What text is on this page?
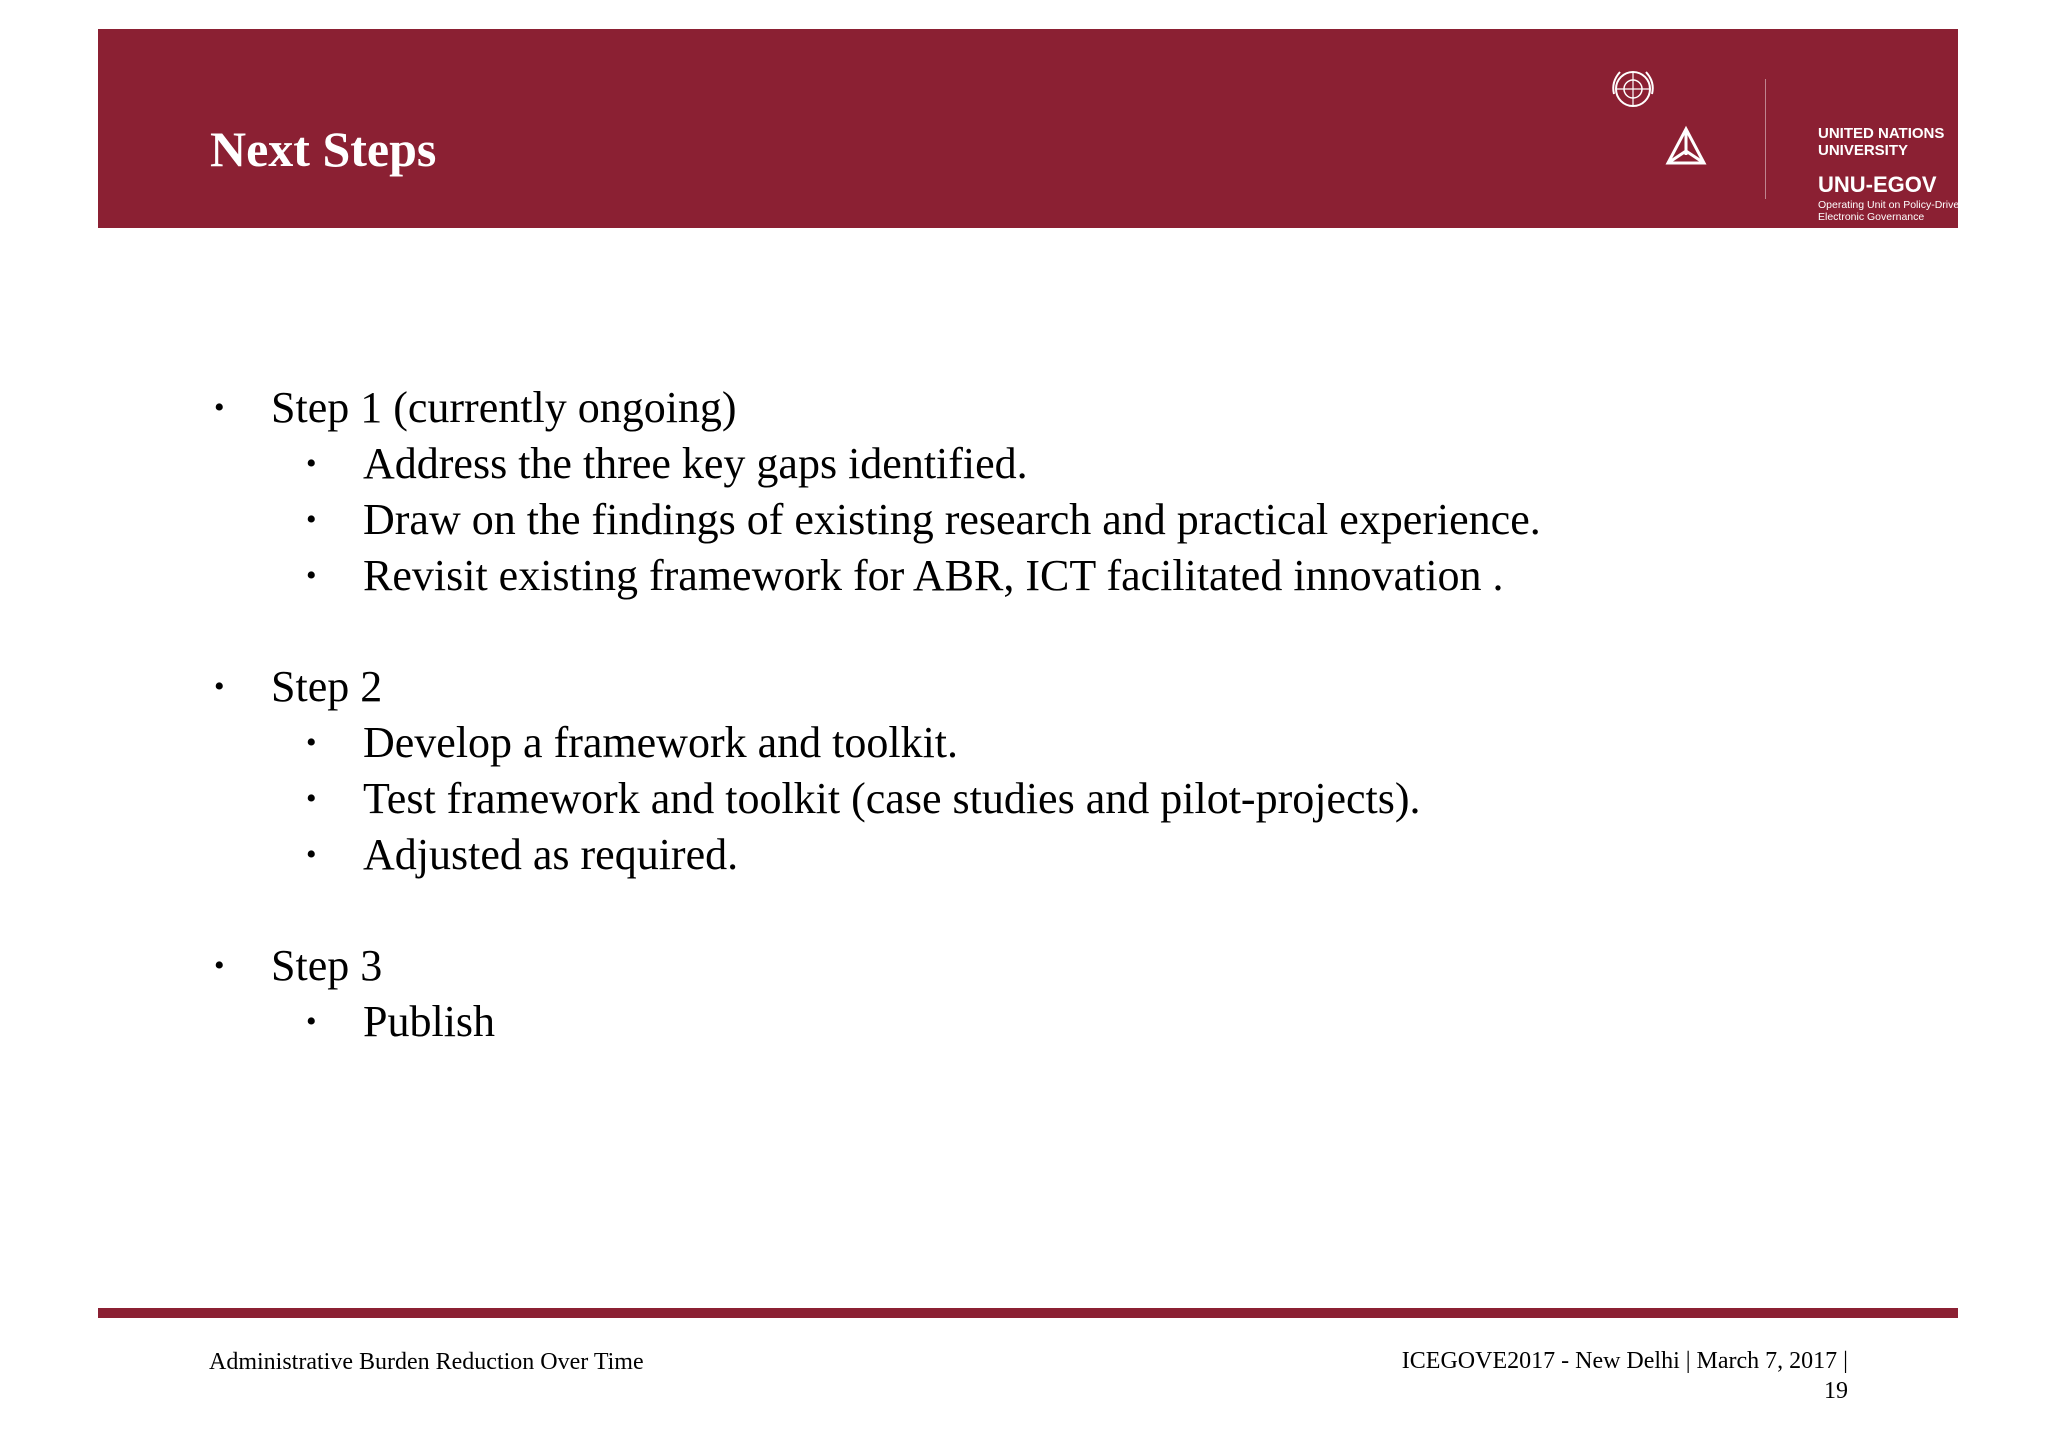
Next Steps	UNITED NATIONS
UNIVERSITY
UNU-EGOV
Operating Unit on Policy-Driven
Electronic Governance
• Step 1 (currently ongoing)
• Address the three key gaps identified.
• Draw on the findings of existing research and practical experience.
• Revisit existing framework for ABR, ICT facilitated innovation .
• Step 2
• Develop a framework and toolkit.
• Test framework and toolkit (case studies and pilot-projects).
• Adjusted as required.
• Step 3
• Publish
Administrative Burden Reduction Over Time	ICEGOVE2017 - New Delhi | March 7, 2017 |
19
